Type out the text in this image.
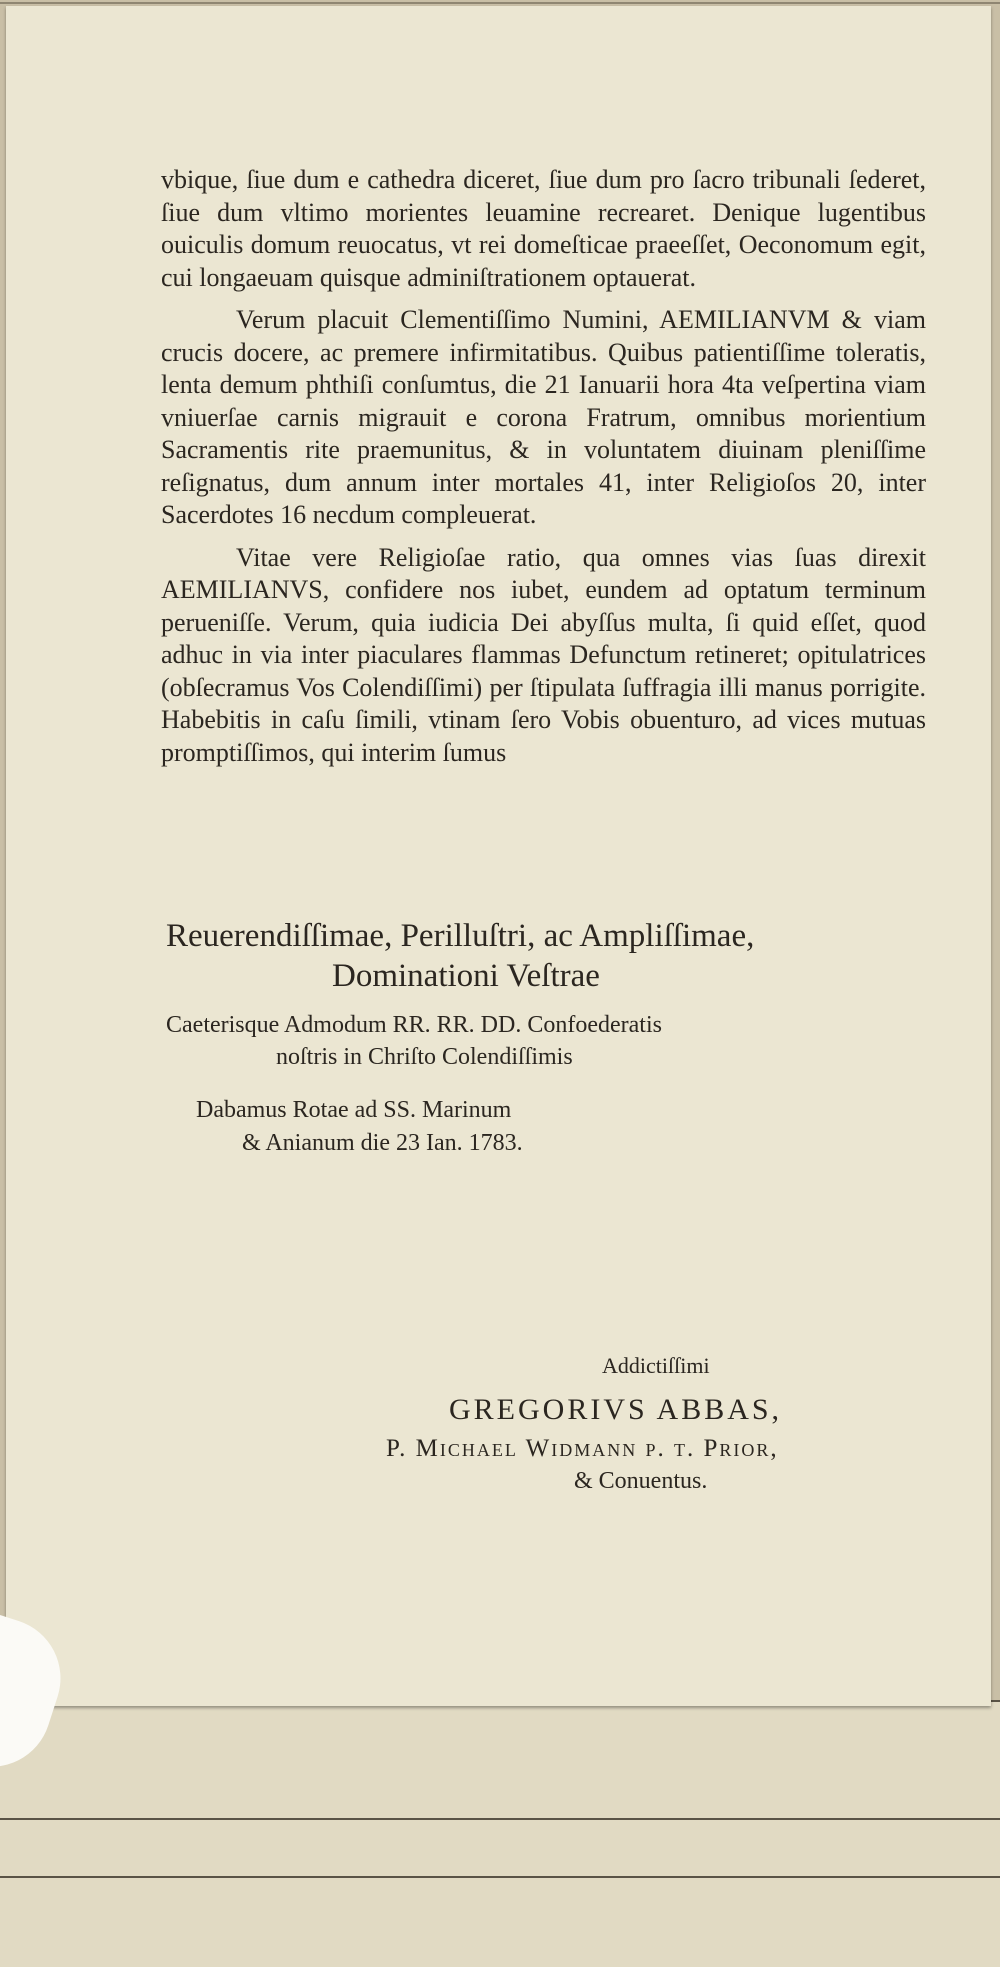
vbique, ſiue dum e cathedra diceret, ſiue dum pro ſacro tribunali ſederet, ſiue dum vltimo morientes leuamine recrearet. Denique lugentibus ouiculis domum reuocatus, vt rei domeſticae praeeſſet, Oeconomum egit, cui longaeuam quisque adminiſtrationem optauerat.

Verum placuit Clementiſſimo Numini, AEMILIANVM & viam crucis docere, ac premere infirmitatibus. Quibus patientiſſime toleratis, lenta demum phthiſi conſumtus, die 21 Ianuarii hora 4ta veſpertina viam vniuerſae carnis migrauit e corona Fratrum, omnibus morientium Sacramentis rite praemunitus, & in voluntatem diuinam pleniſſime reſignatus, dum annum inter mortales 41, inter Religioſos 20, inter Sacerdotes 16 necdum compleuerat.

Vitae vere Religioſae ratio, qua omnes vias ſuas direxit AEMILIANVS, confidere nos iubet, eundem ad optatum terminum perueniſſe. Verum, quia iudicia Dei abyſſus multa, ſi quid eſſet, quod adhuc in via inter piaculares flammas Defunctum retineret; opitulatrices (obſecramus Vos Colendiſſimi) per ſtipulata ſuffragia illi manus porrigite. Habebitis in caſu ſimili, vtinam ſero Vobis obuenturo, ad vices mutuas promptiſſimos, qui interim ſumus

Reuerendiſſimae, Perilluſtri, ac Ampliſſimae,
Dominationi Veſtrae
Caeterisque Admodum RR. RR. DD. Confoederatis
noſtris in Chriſto Colendiſſimis
Dabamus Rotae ad SS. Marinum
& Anianum die 23 Ian. 1783.
Addictiſſimi
GREGORIVS ABBAS,
P. Michael Widmann p. t. Prior,
& Conuentus.
